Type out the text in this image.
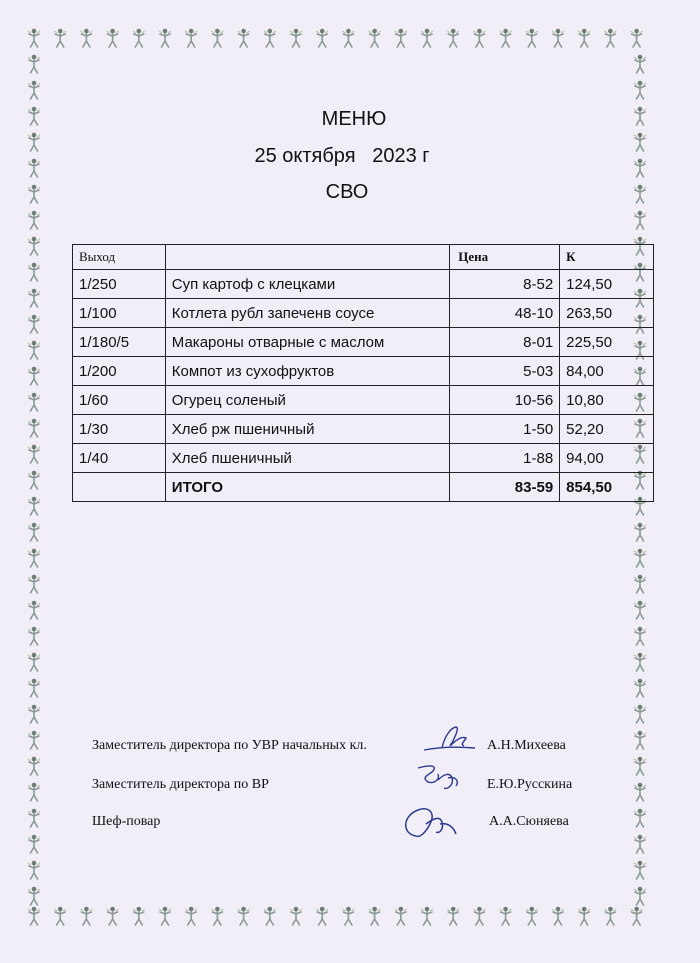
МЕНЮ
25 октября   2023 г
СВО
Выход		Цена	К
1/250	Суп картоф с клецками	8-52	124,50
1/100	Котлета рубл запеченв соусе	48-10	263,50
1/180/5	Макароны отварные с маслом	8-01	225,50
1/200	Компот из сухофруктов	5-03	84,00
1/60	Огурец соленый	10-56	10,80
1/30	Хлеб рж пшеничный	1-50	52,20
1/40	Хлеб пшеничный	1-88	94,00
	ИТОГО	83-59	854,50
Заместитель директора по УВР начальных кл.	А.Н.Михеева
Заместитель директора по ВР	Е.Ю.Русскина
Шеф-повар	А.А.Сюняева
